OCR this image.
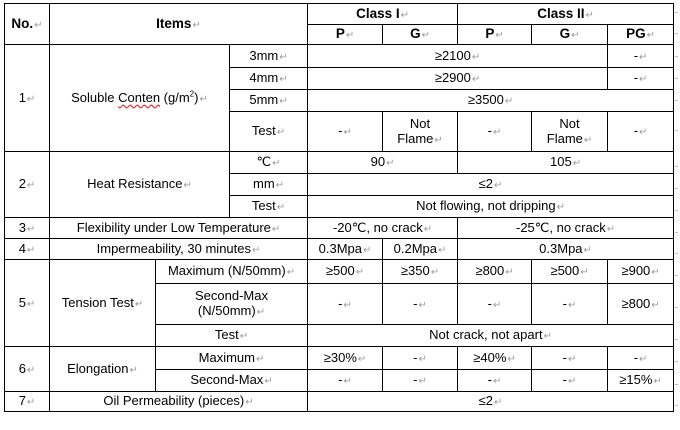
No.↵	Items↵			Class I↵		Class II↵		
				P↵	G↵	P↵	G↵	PG↵
1↵	Soluble Conten $(g/m^2)↵$		3mm↵	≥2100↵				-↵
			4mm↵	≥2900↵				-↵
			5mm↵	≥3500↵				
			Test↵	-↵	Not
Flame↵	-↵	Not
Flame↵	-↵
2↵	Heat Resistance↵		℃↵	90↵		105↵		
			mm↵	≤2↵				
			Test↵	Not flowing, not dripping↵				
3↵	Flexibility under Low Temperature↵			-20℃, no crack↵		-25℃, no crack↵		
4↵	Impermeability, 30 minutes↵			0.3Mpa↵	0.2Mpa↵	0.3Mpa↵		
5↵	Tension Test↵	Maximum (N/50mm)↵		≥500↵	≥350↵	≥800↵	≥500↵	≥900↵
		Second-Max
(N/50mm)↵		-↵	-↵	-↵	-↵	≥800↵
		Test↵		Not crack, not apart↵				
6↵	Elongation↵	Maximum↵		≥30%↵	-↵	≥40%↵	-↵	-↵
		Second-Max↵		-↵	-↵	-↵	-↵	≥15%↵
7↵	Oil Permeability (pieces)↵			≤2↵				
